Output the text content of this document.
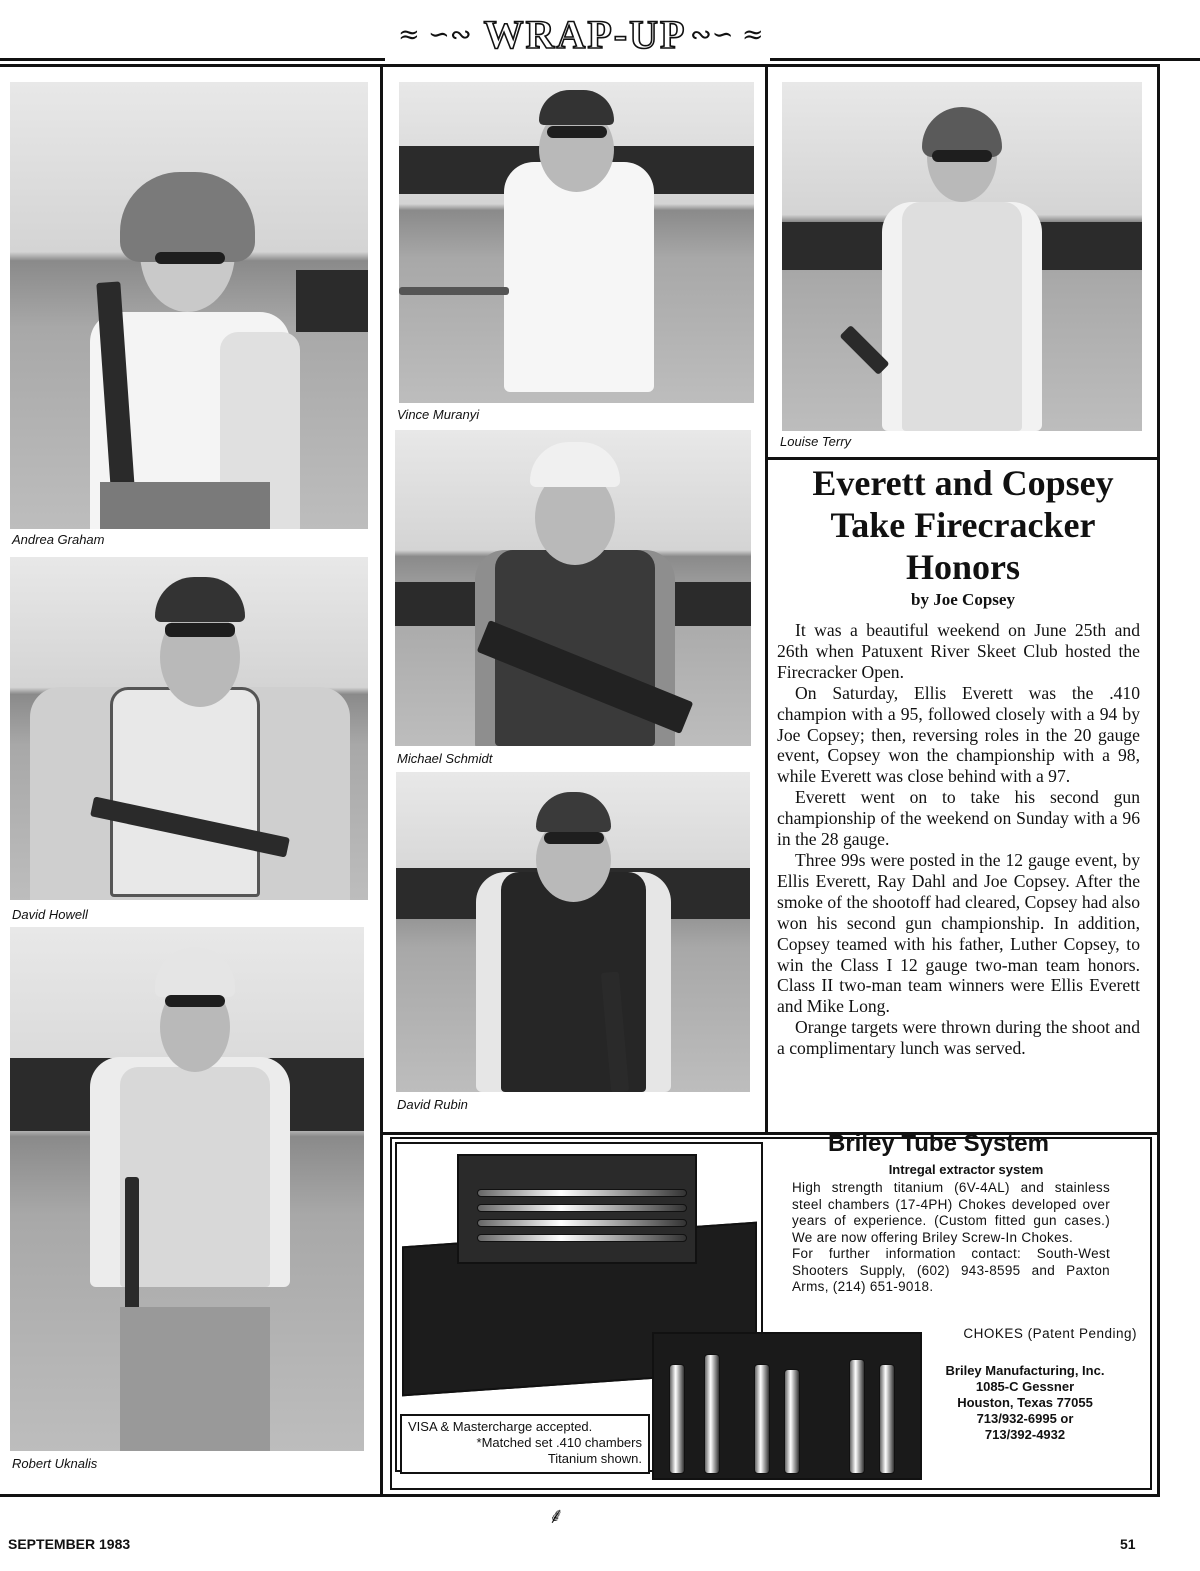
≈ ∽∾ WRAP-UP ∾∽ ≈
Andrea Graham
David Howell
Robert Uknalis
Vince Muranyi
Michael Schmidt
David Rubin
Louise Terry
Everett and Copsey
Take Firecracker
Honors
by Joe Copsey

It was a beautiful weekend on June 25th and 26th when Patuxent River Skeet Club hosted the Firecracker Open.

On Saturday, Ellis Everett was the .410 champion with a 95, followed closely with a 94 by Joe Copsey; then, reversing roles in the 20 gauge event, Copsey won the championship with a 98, while Everett was close behind with a 97.

Everett went on to take his second gun championship of the weekend on Sunday with a 96 in the 28 gauge.

Three 99s were posted in the 12 gauge event, by Ellis Everett, Ray Dahl and Joe Copsey. After the smoke of the shootoff had cleared, Copsey had also won his second gun championship. In addition, Copsey teamed with his father, Luther Copsey, to win the Class I 12 gauge two-man team honors. Class II two-man team winners were Ellis Everett and Mike Long.

Orange targets were thrown during the shoot and a complimentary lunch was served.

VISA & Mastercharge accepted.
*Matched set .410 chambers
Titanium shown.
Briley Tube System
Intregal extractor system
High strength titanium (6V-4AL) and stainless steel chambers (17-4PH) Chokes developed over years of experience. (Custom fitted gun cases.) We are now offering Briley Screw-In Chokes.
For further information contact: South-West Shooters Supply, (602) 943-8595 and Paxton Arms, (214) 651-9018.
CHOKES (Patent Pending)
Briley Manufacturing, Inc.
1085-C Gessner
Houston, Texas 77055
713/932-6995 or
713/392-4932
SEPTEMBER 1983
⸙
51
